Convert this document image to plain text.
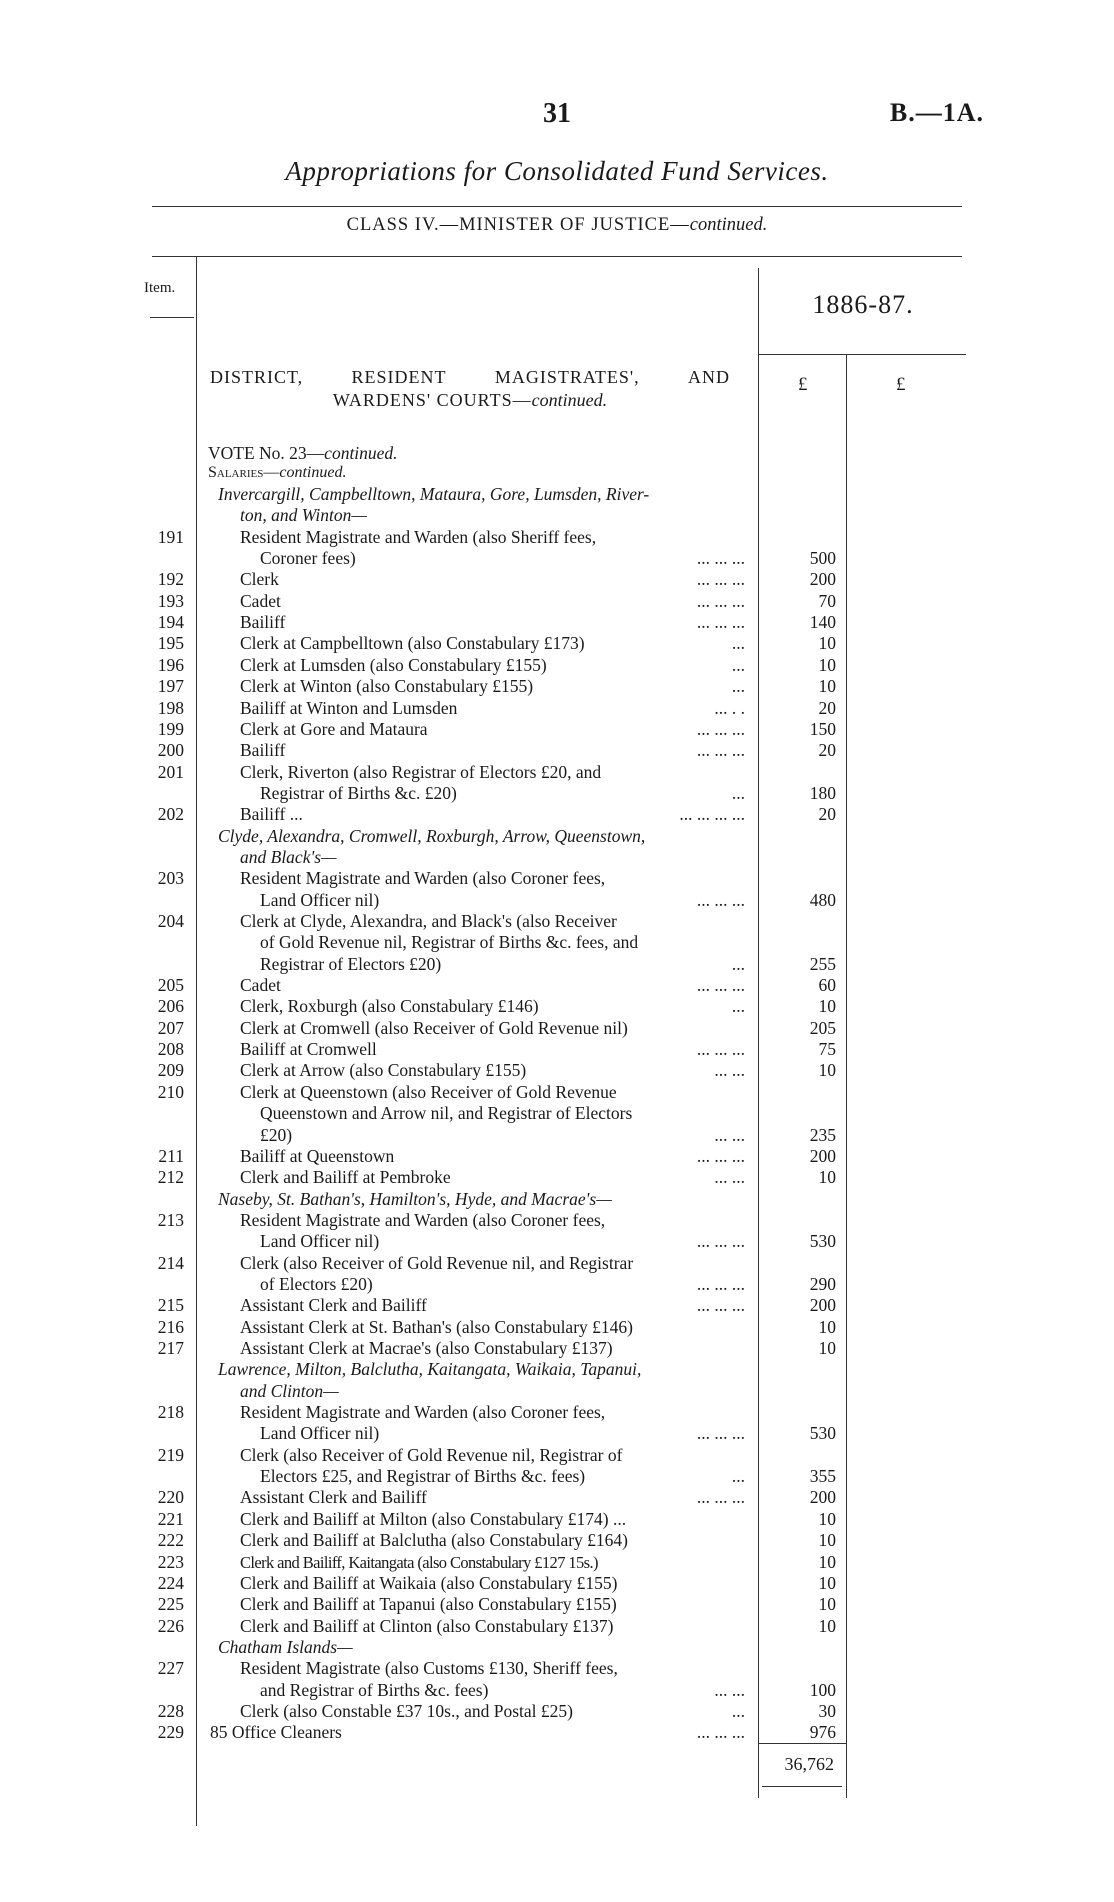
31	B.—1A.
Appropriations for Consolidated Fund Services.
CLASS IV.—MINISTER OF JUSTICE—continued.
Item.
1886-87.
£	£
DISTRICT,	RESIDENT	MAGISTRATES',	AND
WARDENS' COURTS—continued.
VOTE No. 23—continued.
Salaries—continued.
Invercargill, Campbelltown, Mataura, Gore, Lumsden, River-
ton, and Winton—
191	Resident Magistrate and Warden (also Sheriff fees,
Coroner fees)	... ... ...	500
192	Clerk	... ... ...	200
193	Cadet	... ... ...	70
194	Bailiff	... ... ...	140
195	Clerk at Campbelltown (also Constabulary £173)	...	10
196	Clerk at Lumsden (also Constabulary £155)	...	10
197	Clerk at Winton (also Constabulary £155)	...	10
198	Bailiff at Winton and Lumsden	... . .	20
199	Clerk at Gore and Mataura	... ... ...	150
200	Bailiff	... ... ...	20
201	Clerk, Riverton (also Registrar of Electors £20, and
Registrar of Births &c. £20)	...	180
202	Bailiff ...	... ... ... ...	20
Clyde, Alexandra, Cromwell, Roxburgh, Arrow, Queenstown,
and Black's—
203	Resident Magistrate and Warden (also Coroner fees,
Land Officer nil)	... ... ...	480
204	Clerk at Clyde, Alexandra, and Black's (also Receiver
of Gold Revenue nil, Registrar of Births &c. fees, and
Registrar of Electors £20)	...	255
205	Cadet	... ... ...	60
206	Clerk, Roxburgh (also Constabulary £146)	...	10
207	Clerk at Cromwell (also Receiver of Gold Revenue nil)	205
208	Bailiff at Cromwell	... ... ...	75
209	Clerk at Arrow (also Constabulary £155)	... ...	10
210	Clerk at Queenstown (also Receiver of Gold Revenue
Queenstown and Arrow nil, and Registrar of Electors
£20)	... ...	235
211	Bailiff at Queenstown	... ... ...	200
212	Clerk and Bailiff at Pembroke	... ...	10
Naseby, St. Bathan's, Hamilton's, Hyde, and Macrae's—
213	Resident Magistrate and Warden (also Coroner fees,
Land Officer nil)	... ... ...	530
214	Clerk (also Receiver of Gold Revenue nil, and Registrar
of Electors £20)	... ... ...	290
215	Assistant Clerk and Bailiff	... ... ...	200
216	Assistant Clerk at St. Bathan's (also Constabulary £146)	10
217	Assistant Clerk at Macrae's (also Constabulary £137)	10
Lawrence, Milton, Balclutha, Kaitangata, Waikaia, Tapanui,
and Clinton—
218	Resident Magistrate and Warden (also Coroner fees,
Land Officer nil)	... ... ...	530
219	Clerk (also Receiver of Gold Revenue nil, Registrar of
Electors £25, and Registrar of Births &c. fees)	...	355
220	Assistant Clerk and Bailiff	... ... ...	200
221	Clerk and Bailiff at Milton (also Constabulary £174) ...	10
222	Clerk and Bailiff at Balclutha (also Constabulary £164)	10
223	Clerk and Bailiff, Kaitangata (also Constabulary £127 15s.)	10
224	Clerk and Bailiff at Waikaia (also Constabulary £155)	10
225	Clerk and Bailiff at Tapanui (also Constabulary £155)	10
226	Clerk and Bailiff at Clinton (also Constabulary £137)	10
Chatham Islands—
227	Resident Magistrate (also Customs £130, Sheriff fees,
and Registrar of Births &c. fees)	... ...	100
228	Clerk (also Constable £37 10s., and Postal £25)	...	30
229 85 Office Cleaners	... ... ...	976
36,762
